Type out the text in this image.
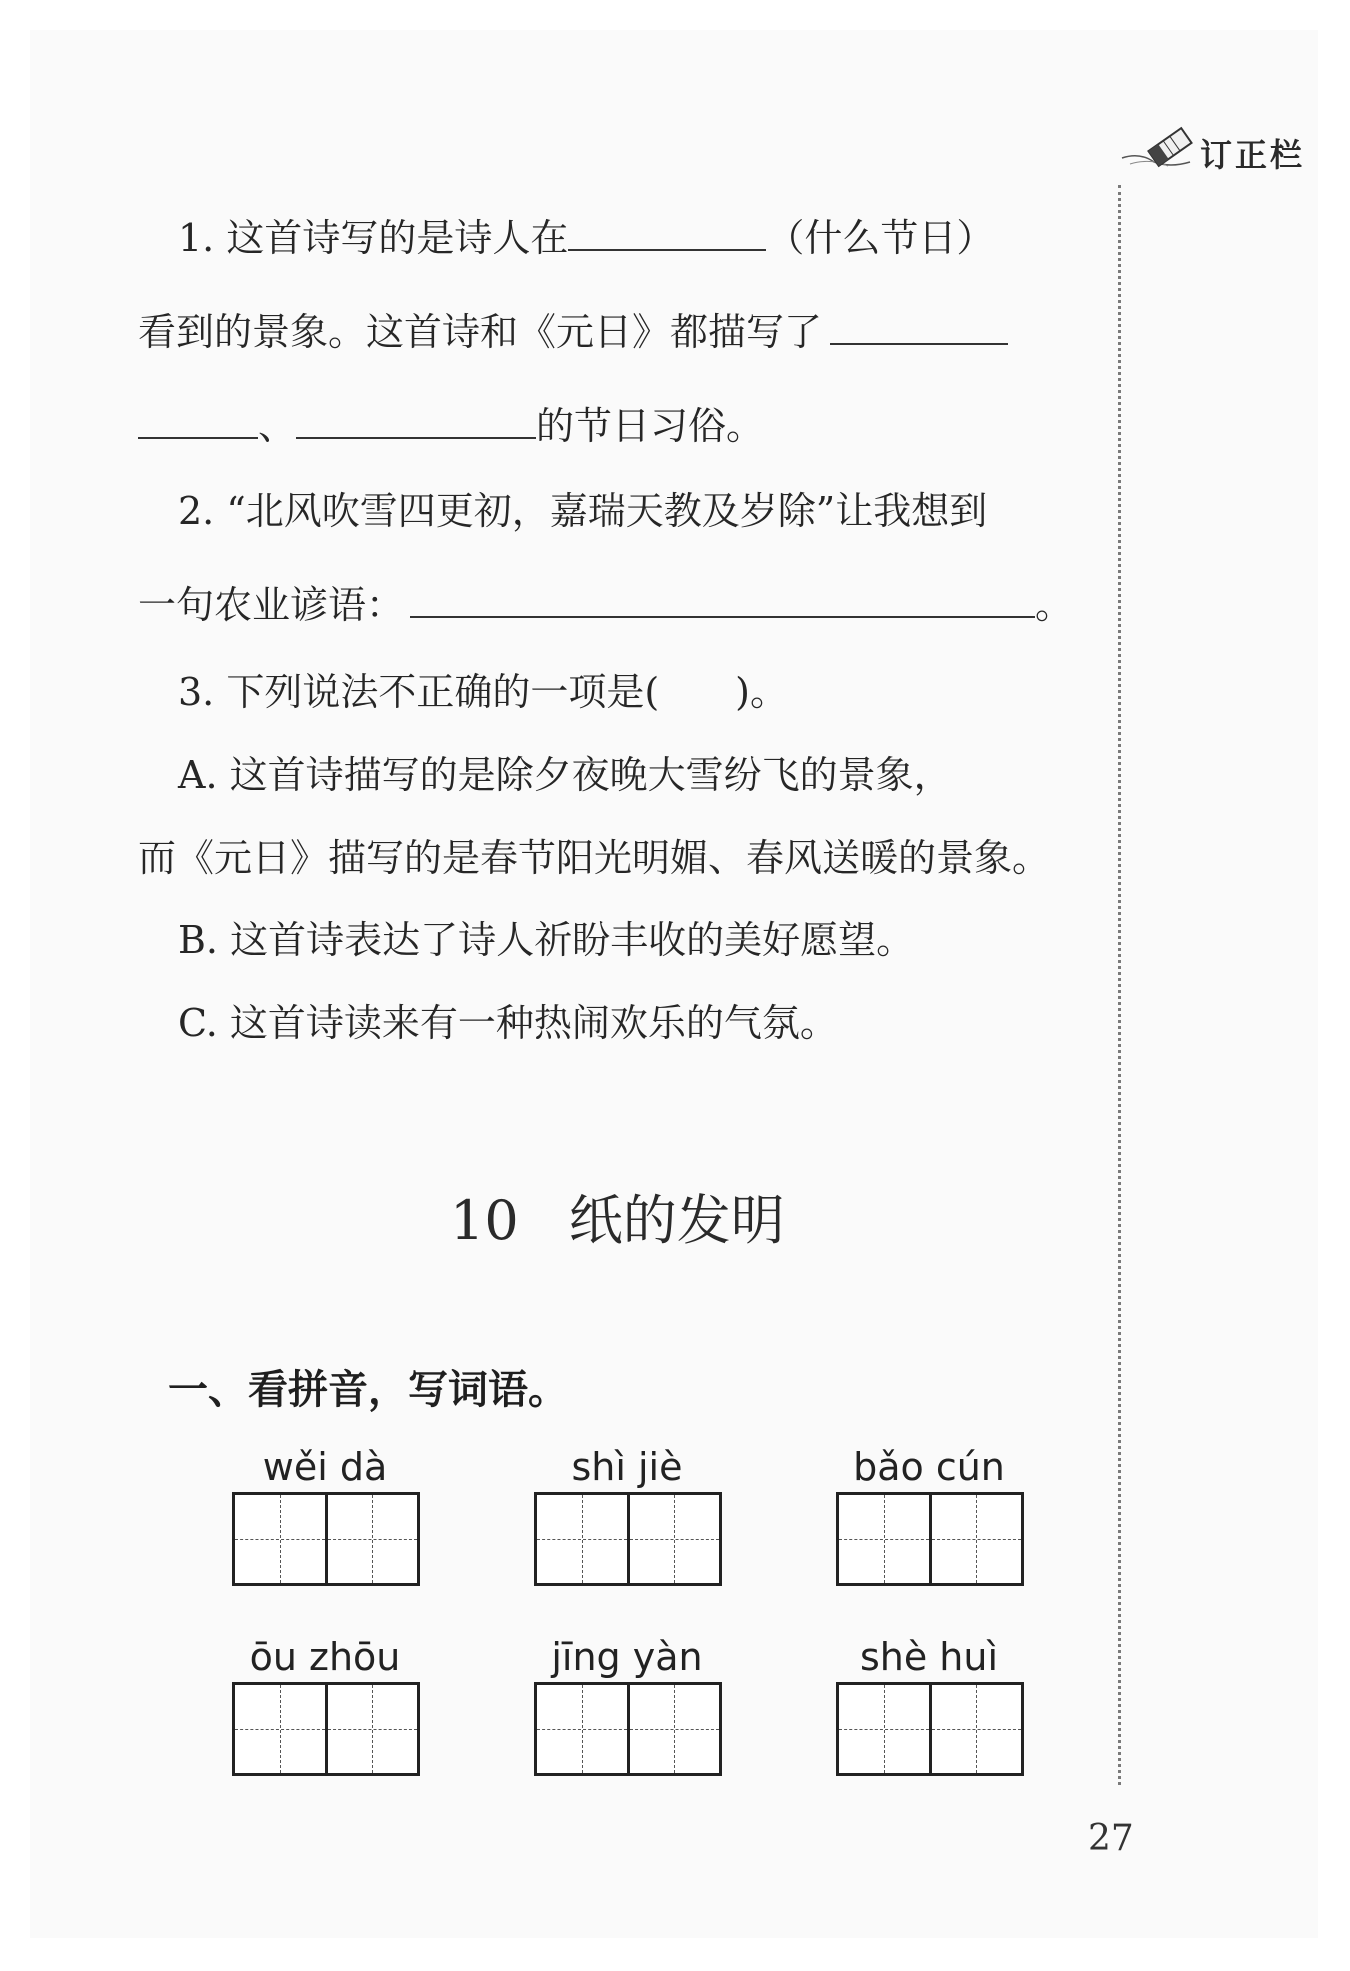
订正栏
1. 这首诗写的是诗人在	（什么节日）
看到的景象。这首诗和《元日》都描写了
、	的节日习俗。
2. “北风吹雪四更初，嘉瑞天教及岁除”让我想到
一句农业谚语：	。
3. 下列说法不正确的一项是(　　)。
A. 这首诗描写的是除夕夜晚大雪纷飞的景象，
而《元日》描写的是春节阳光明媚、春风送暖的景象。
B. 这首诗表达了诗人祈盼丰收的美好愿望。
C. 这首诗读来有一种热闹欢乐的气氛。
10 纸的发明
一、看拼音，写词语。
wěi dà	shì jiè	bǎo cún
ōu zhōu	jīng yàn	shè huì
27
